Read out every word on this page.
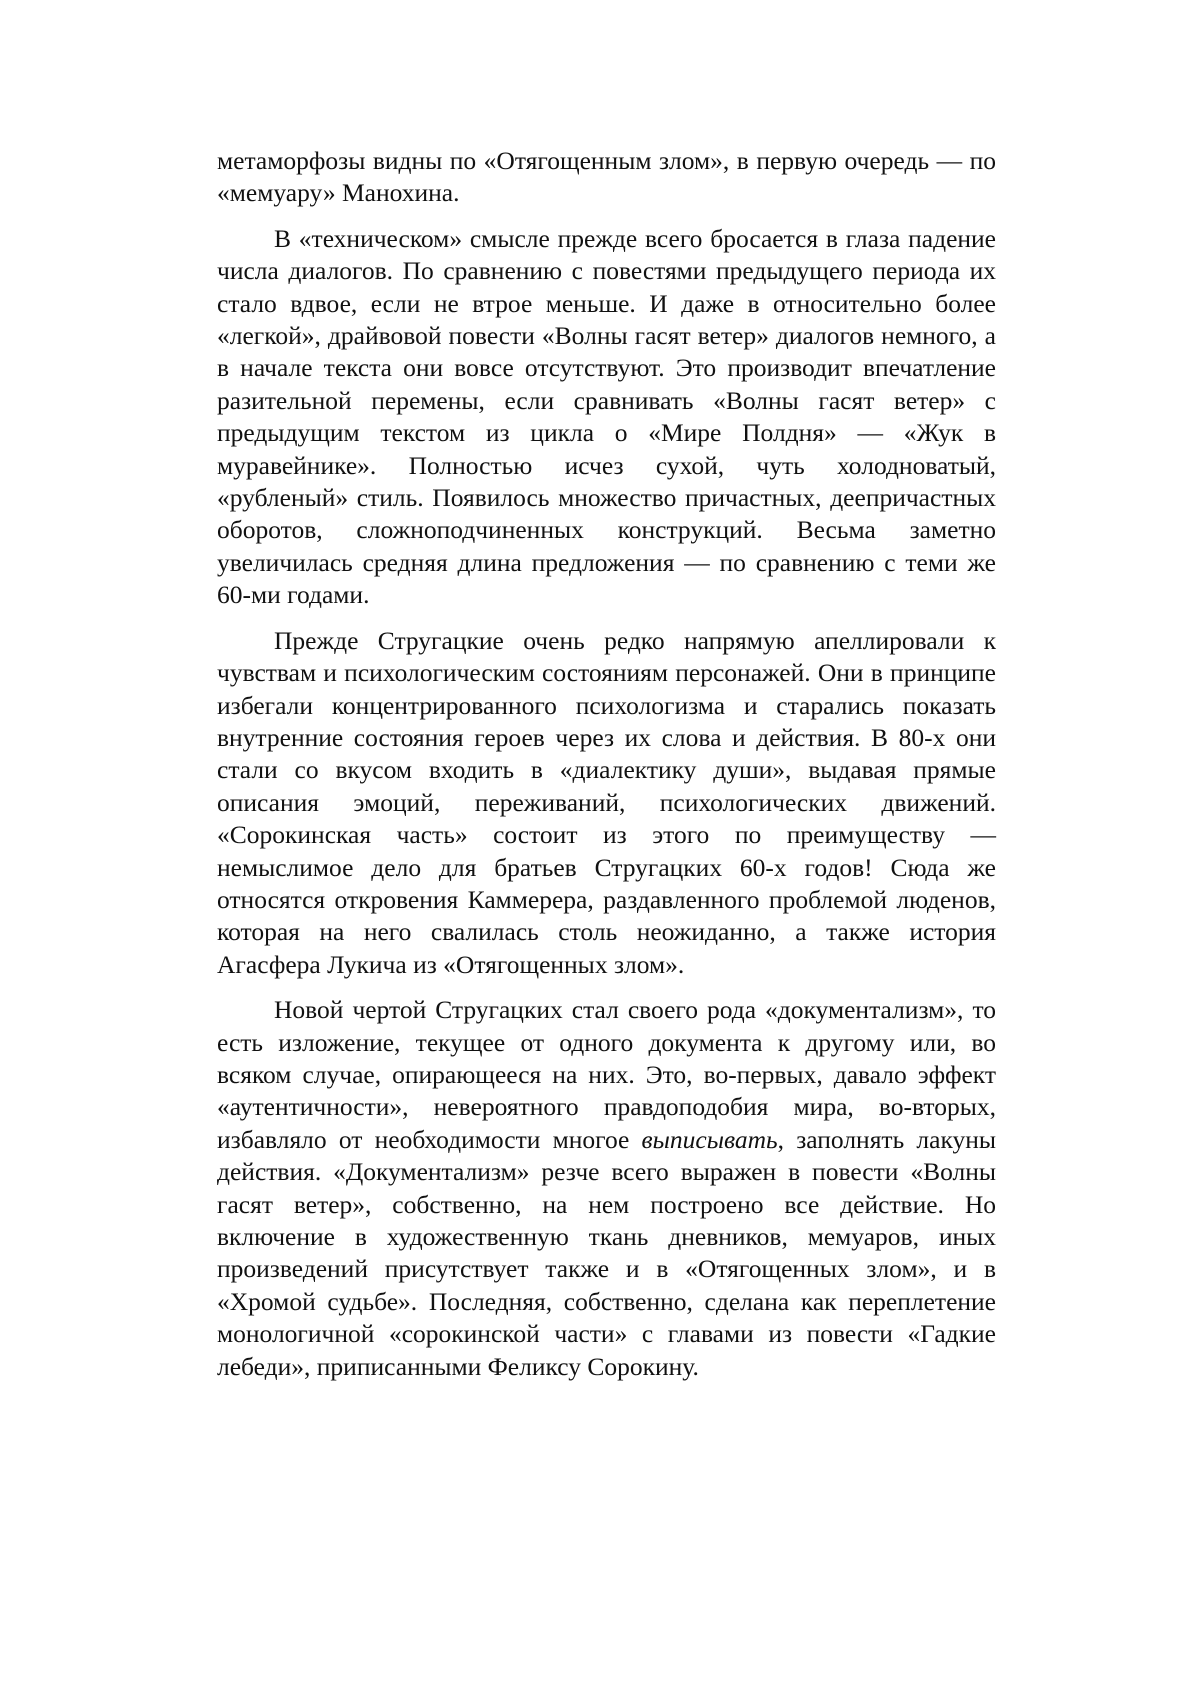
метаморфозы видны по «Отягощенным злом», в первую очередь — по «мемуару» Манохина.

В «техническом» смысле прежде всего бросается в глаза падение числа диалогов. По сравнению с повестями предыдущего периода их стало вдвое, если не втрое меньше. И даже в относительно более «легкой», драйвовой повести «Волны гасят ветер» диалогов немного, а в начале текста они вовсе отсутствуют. Это производит впечатление разительной перемены, если сравнивать «Волны гасят ветер» с предыдущим текстом из цикла о «Мире Полдня» — «Жук в муравейнике». Полностью исчез сухой, чуть холодноватый, «рубленый» стиль. Появилось множество причастных, деепричастных оборотов, сложноподчиненных конструкций. Весьма заметно увеличилась средняя длина предложения — по сравнению с теми же 60-ми годами.

Прежде Стругацкие очень редко напрямую апеллировали к чувствам и психологическим состояниям персонажей. Они в принципе избегали концентрированного психологизма и старались показать внутренние состояния героев через их слова и действия. В 80-х они стали со вкусом входить в «диалектику души», выдавая прямые описания эмоций, переживаний, психологических движений. «Сорокинская часть» состоит из этого по преимуществу — немыслимое дело для братьев Стругацких 60-х годов! Сюда же относятся откровения Каммерера, раздавленного проблемой люденов, которая на него свалилась столь неожиданно, а также история Агасфера Лукича из «Отягощенных злом».

Новой чертой Стругацких стал своего рода «документализм», то есть изложение, текущее от одного документа к другому или, во всяком случае, опирающееся на них. Это, во-первых, давало эффект «аутентичности», невероятного правдоподобия мира, во-вторых, избавляло от необходимости многое выписывать, заполнять лакуны действия. «Документализм» резче всего выражен в повести «Волны гасят ветер», собственно, на нем построено все действие. Но включение в художественную ткань дневников, мемуаров, иных произведений присутствует также и в «Отягощенных злом», и в «Хромой судьбе». Последняя, собственно, сделана как переплетение монологичной «сорокинской части» с главами из повести «Гадкие лебеди», приписанными Феликсу Сорокину.
